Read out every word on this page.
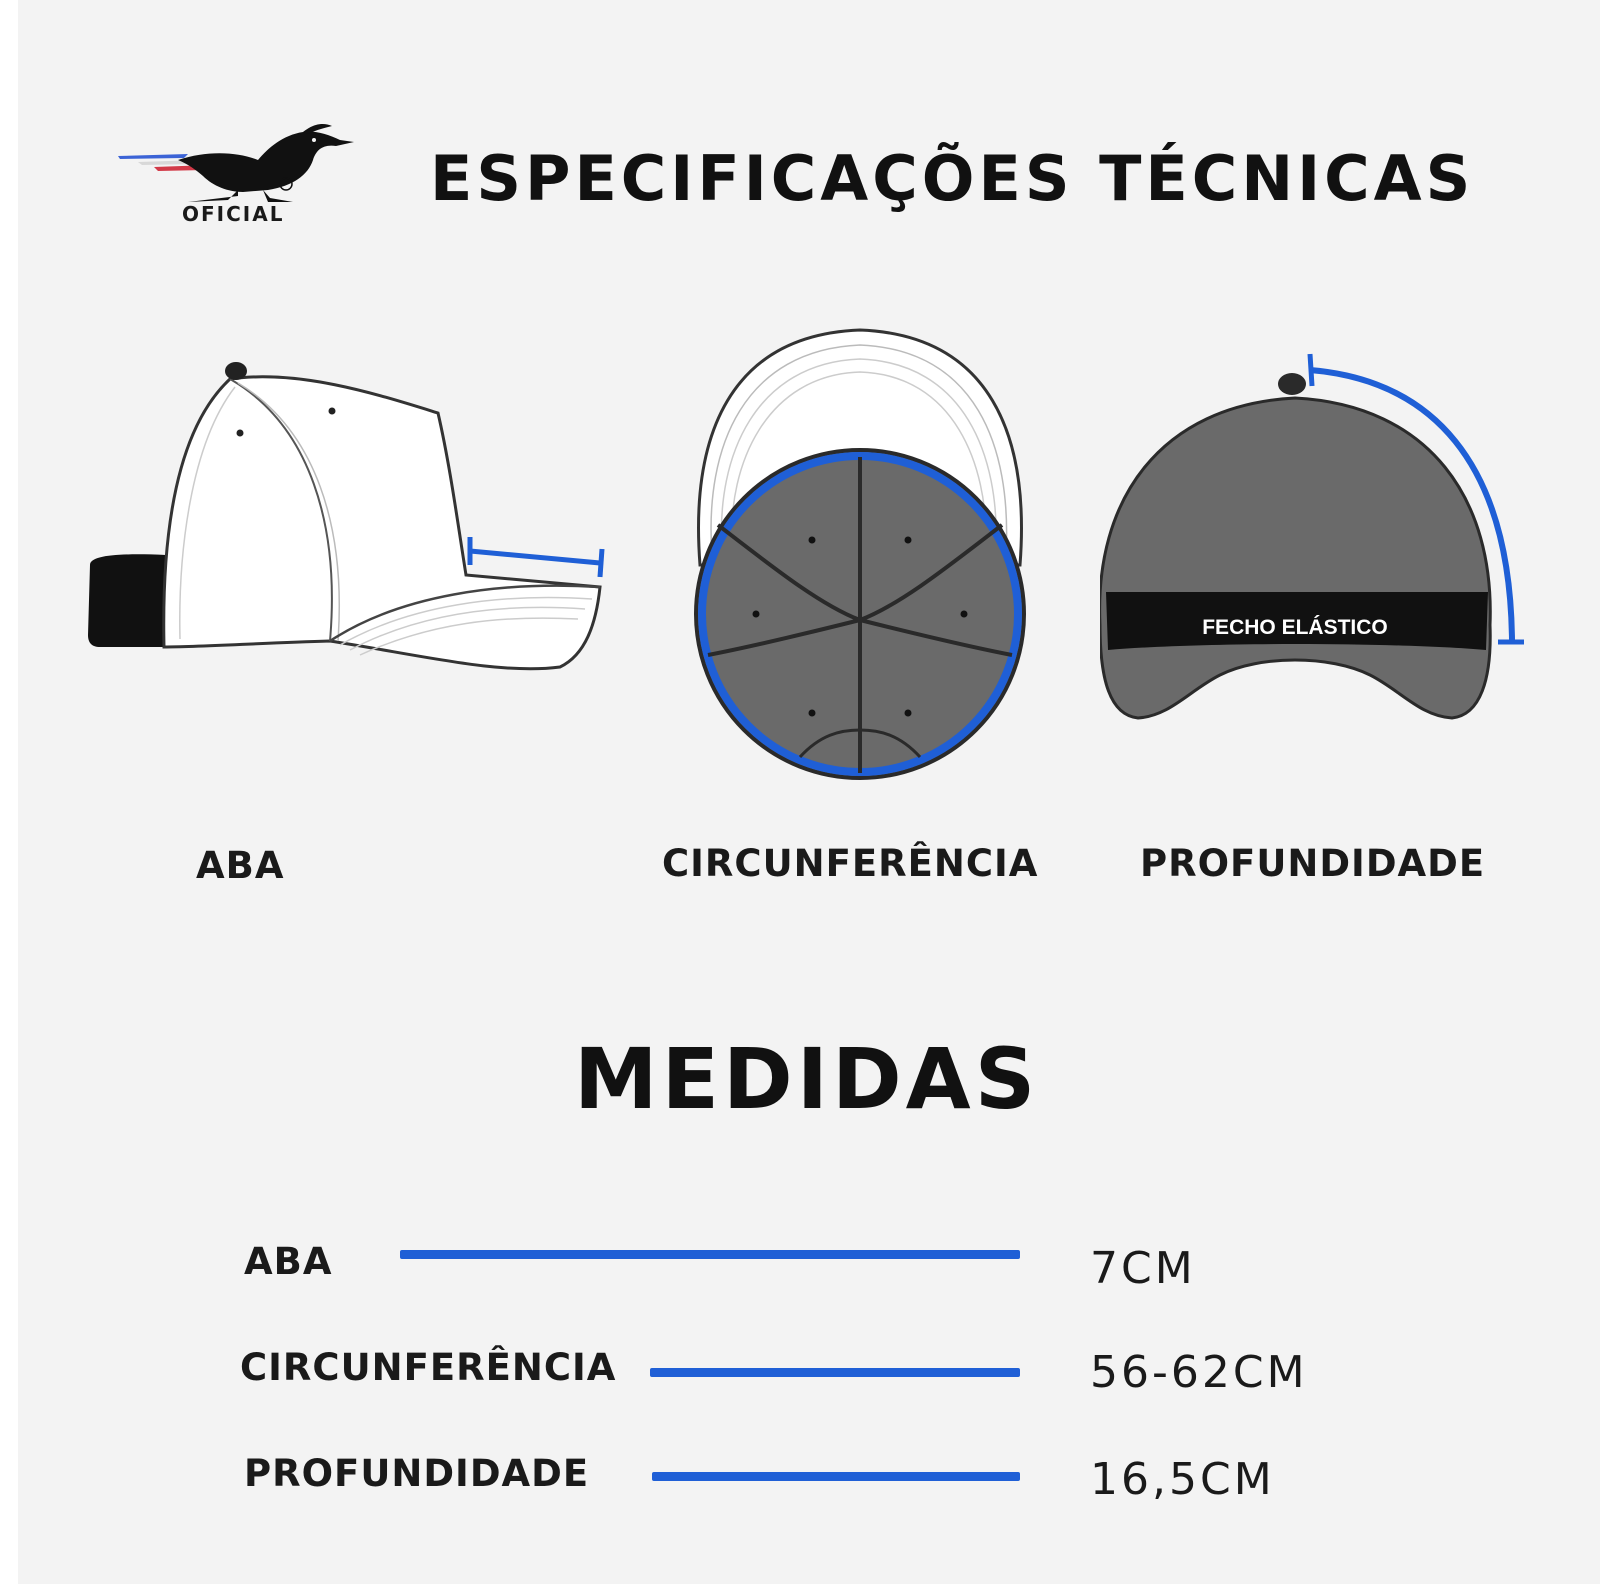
OFICIAL ESPECIFICAÇÕES TÉCNICAS
ABA	CIRCUNFERÊNCIA
FECHO ELÁSTICO
PROFUNDIDADE
MEDIDAS
ABA	7CM
CIRCUNFERÊNCIA	56-62CM
PROFUNDIDADE	16,5CM
